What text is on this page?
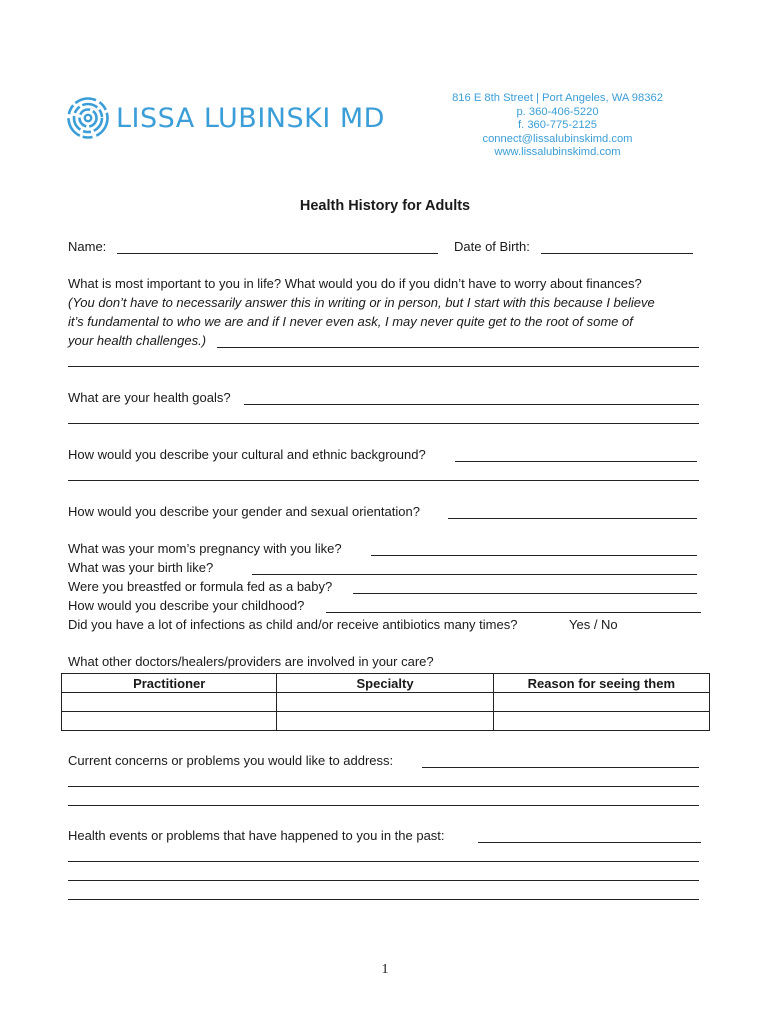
LISSA LUBINSKI MD
816 E 8th Street | Port Angeles, WA 98362
p. 360-406-5220
f. 360-775-2125
connect@lissalubinskimd.com
www.lissalubinskimd.com
Health History for Adults
Name:	Date of Birth:
What is most important to you in life? What would you do if you didn’t have to worry about finances?
(You don’t have to necessarily answer this in writing or in person, but I start with this because I believe
it’s fundamental to who we are and if I never even ask, I may never quite get to the root of some of
your health challenges.)
What are your health goals?
How would you describe your cultural and ethnic background?
How would you describe your gender and sexual orientation?
What was your mom’s pregnancy with you like?
What was your birth like?
Were you breastfed or formula fed as a baby?
How would you describe your childhood?
Did you have a lot of infections as child and/or receive antibiotics many times?	Yes / No
What other doctors/healers/providers are involved in your care?
Practitioner	Specialty	Reason for seeing them

Current concerns or problems you would like to address:
Health events or problems that have happened to you in the past:
1
